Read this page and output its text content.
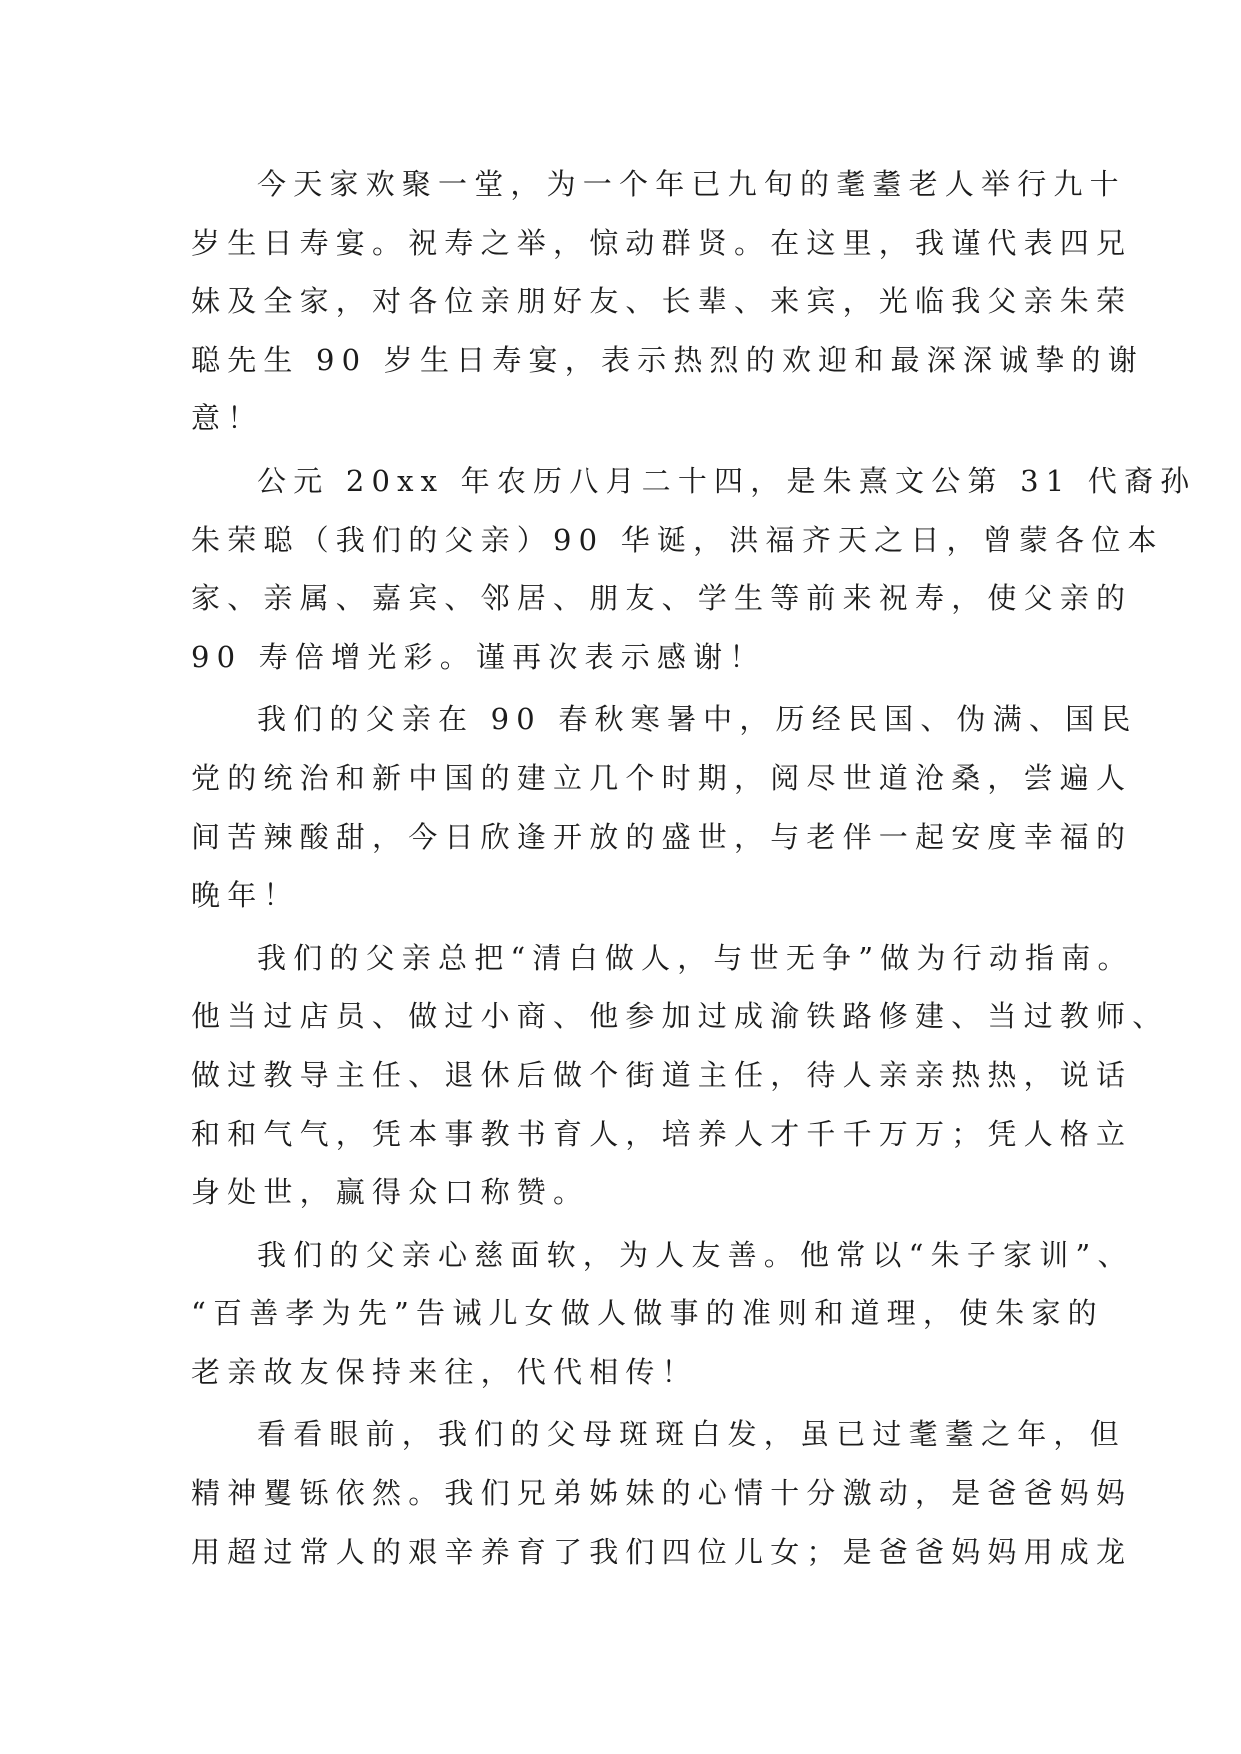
今天家欢聚一堂，为一个年已九旬的耄耋老人举行九十
岁生日寿宴。祝寿之举，惊动群贤。在这里，我谨代表四兄
妹及全家，对各位亲朋好友、长辈、来宾，光临我父亲朱荣
聪先生 90 岁生日寿宴，表示热烈的欢迎和最深深诚挚的谢
意！
公元 20xx 年农历八月二十四，是朱熹文公第 31 代裔孙
朱荣聪（我们的父亲）90 华诞，洪福齐天之日，曾蒙各位本
家、亲属、嘉宾、邻居、朋友、学生等前来祝寿，使父亲的
90 寿倍增光彩。谨再次表示感谢！
我们的父亲在 90 春秋寒暑中，历经民国、伪满、国民
党的统治和新中国的建立几个时期，阅尽世道沧桑，尝遍人
间苦辣酸甜，今日欣逢开放的盛世，与老伴一起安度幸福的
晚年！
我们的父亲总把“清白做人，与世无争”做为行动指南。
他当过店员、做过小商、他参加过成渝铁路修建、当过教师、
做过教导主任、退休后做个街道主任，待人亲亲热热，说话
和和气气，凭本事教书育人，培养人才千千万万；凭人格立
身处世，赢得众口称赞。
我们的父亲心慈面软，为人友善。他常以“朱子家训”、
“百善孝为先”告诫儿女做人做事的准则和道理，使朱家的
老亲故友保持来往，代代相传！
看看眼前，我们的父母斑斑白发，虽已过耄耋之年，但
精神矍铄依然。我们兄弟姊妹的心情十分激动，是爸爸妈妈
用超过常人的艰辛养育了我们四位儿女；是爸爸妈妈用成龙
